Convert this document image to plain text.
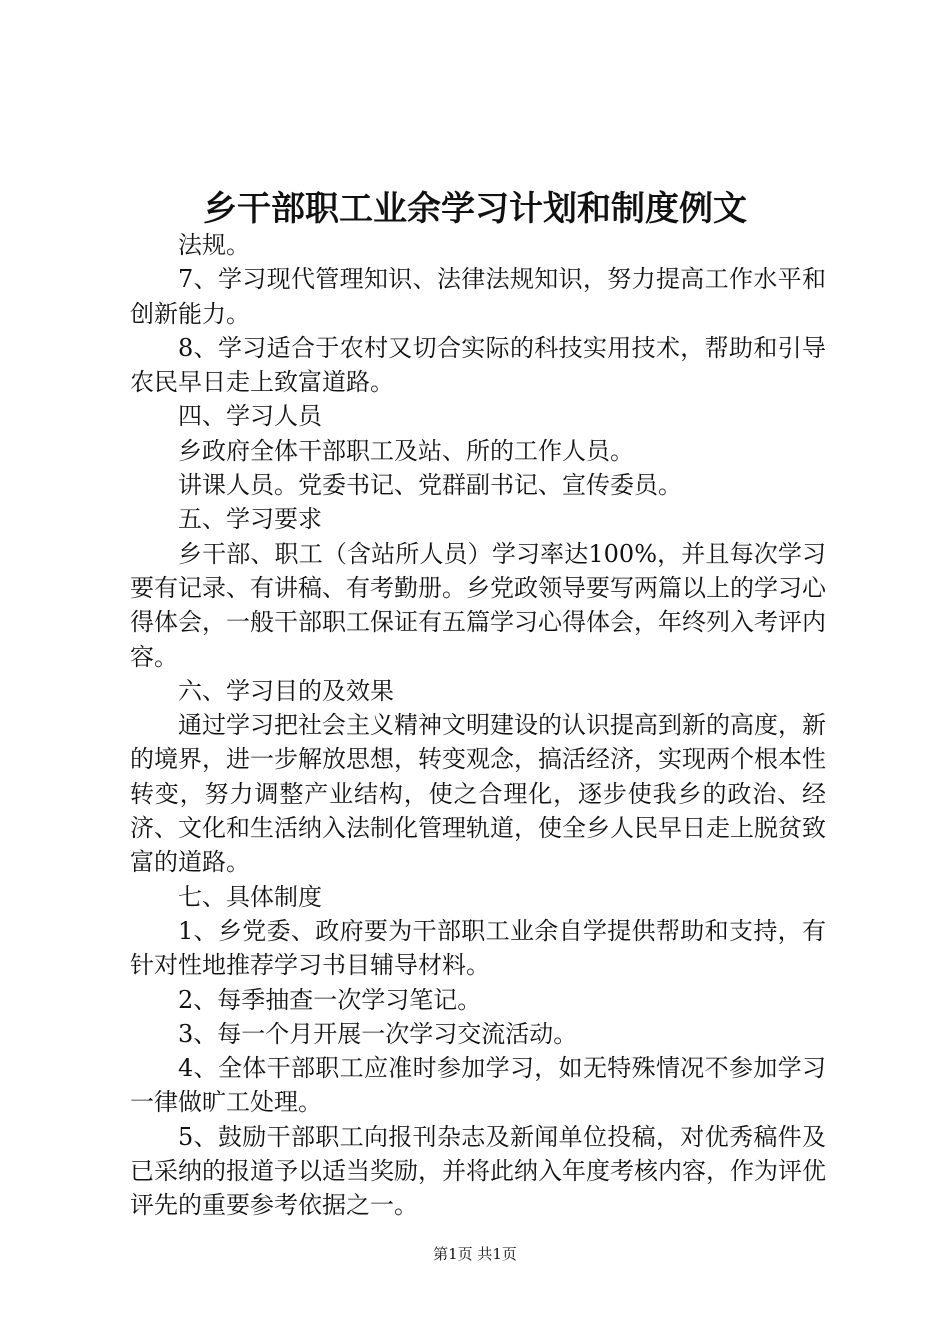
乡干部职工业余学习计划和制度例文

法规。

7、学习现代管理知识、法律法规知识，努力提高工作水平和创新能力。

8、学习适合于农村又切合实际的科技实用技术，帮助和引导农民早日走上致富道路。

四、学习人员

乡政府全体干部职工及站、所的工作人员。

讲课人员。党委书记、党群副书记、宣传委员。

五、学习要求

乡干部、职工（含站所人员）学习率达100%，并且每次学习要有记录、有讲稿、有考勤册。乡党政领导要写两篇以上的学习心得体会，一般干部职工保证有五篇学习心得体会，年终列入考评内容。

六、学习目的及效果

通过学习把社会主义精神文明建设的认识提高到新的高度，新的境界，进一步解放思想，转变观念，搞活经济，实现两个根本性转变，努力调整产业结构，使之合理化，逐步使我乡的政治、经济、文化和生活纳入法制化管理轨道，使全乡人民早日走上脱贫致富的道路。

七、具体制度

1、乡党委、政府要为干部职工业余自学提供帮助和支持，有针对性地推荐学习书目辅导材料。

2、每季抽查一次学习笔记。

3、每一个月开展一次学习交流活动。

4、全体干部职工应准时参加学习，如无特殊情况不参加学习一律做旷工处理。

5、鼓励干部职工向报刊杂志及新闻单位投稿，对优秀稿件及已采纳的报道予以适当奖励，并将此纳入年度考核内容，作为评优评先的重要参考依据之一。

第1页 共1页
